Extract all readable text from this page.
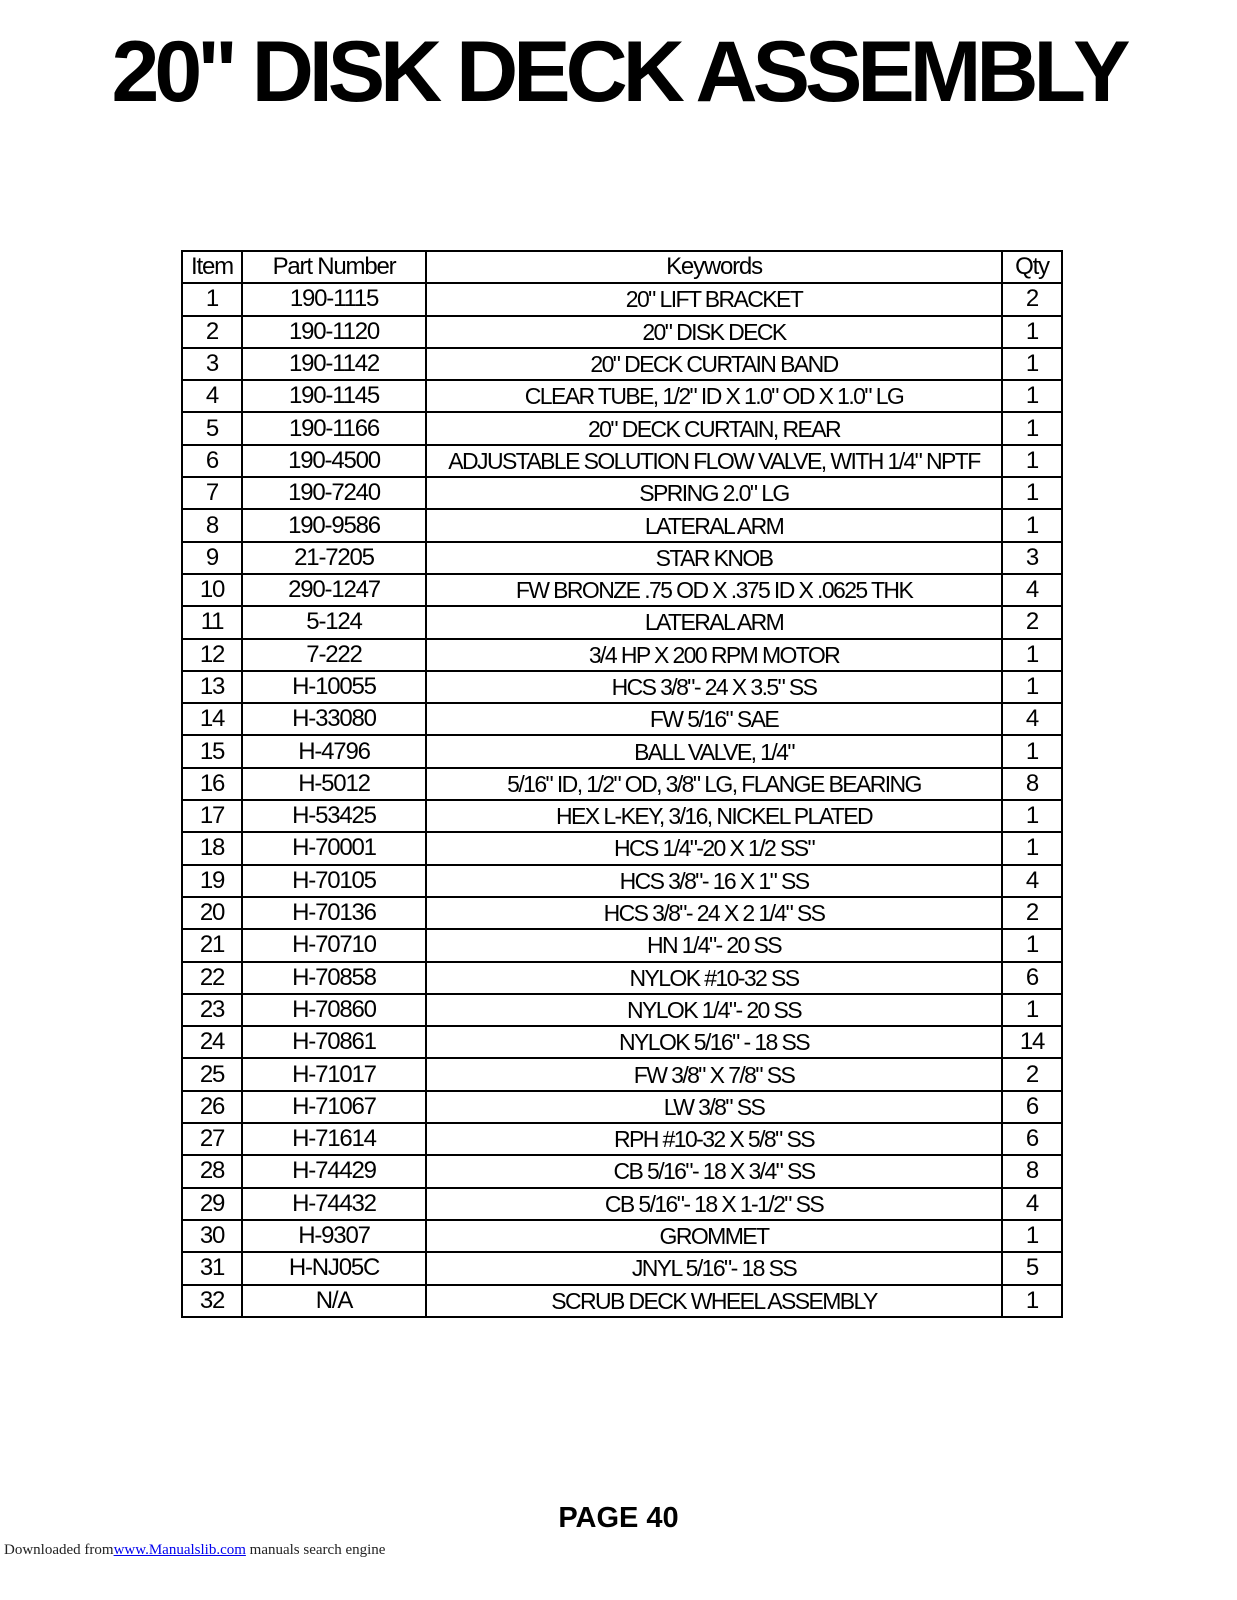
20" DISK DECK ASSEMBLY
Item	Part Number	Keywords	Qty
1	190-1115	20" LIFT BRACKET	2
2	190-1120	20" DISK DECK	1
3	190-1142	20" DECK CURTAIN BAND	1
4	190-1145	CLEAR TUBE, 1/2" ID X 1.0" OD X 1.0" LG	1
5	190-1166	20" DECK CURTAIN, REAR	1
6	190-4500	ADJUSTABLE SOLUTION FLOW VALVE, WITH 1/4" NPTF	1
7	190-7240	SPRING 2.0" LG	1
8	190-9586	LATERAL ARM	1
9	21-7205	STAR KNOB	3
10	290-1247	FW BRONZE .75 OD X .375 ID X .0625 THK	4
11	5-124	LATERAL ARM	2
12	7-222	3/4 HP X 200 RPM MOTOR	1
13	H-10055	HCS 3/8"- 24 X 3.5" SS	1
14	H-33080	FW 5/16" SAE	4
15	H-4796	BALL VALVE, 1/4"	1
16	H-5012	5/16" ID, 1/2" OD, 3/8" LG, FLANGE BEARING	8
17	H-53425	HEX L-KEY, 3/16, NICKEL PLATED	1
18	H-70001	HCS 1/4"-20 X 1/2 SS"	1
19	H-70105	HCS 3/8"- 16 X 1" SS	4
20	H-70136	HCS 3/8"- 24 X 2 1/4" SS	2
21	H-70710	HN 1/4"- 20 SS	1
22	H-70858	NYLOK #10-32 SS	6
23	H-70860	NYLOK 1/4"- 20 SS	1
24	H-70861	NYLOK 5/16" - 18 SS	14
25	H-71017	FW 3/8" X 7/8" SS	2
26	H-71067	LW 3/8" SS	6
27	H-71614	RPH #10-32 X 5/8" SS	6
28	H-74429	CB 5/16"- 18 X 3/4" SS	8
29	H-74432	CB 5/16"- 18 X 1-1/2" SS	4
30	H-9307	GROMMET	1
31	H-NJ05C	JNYL 5/16"- 18 SS	5
32	N/A	SCRUB DECK WHEEL ASSEMBLY	1
PAGE 40
Downloaded fromwww.Manualslib.com manuals search engine
